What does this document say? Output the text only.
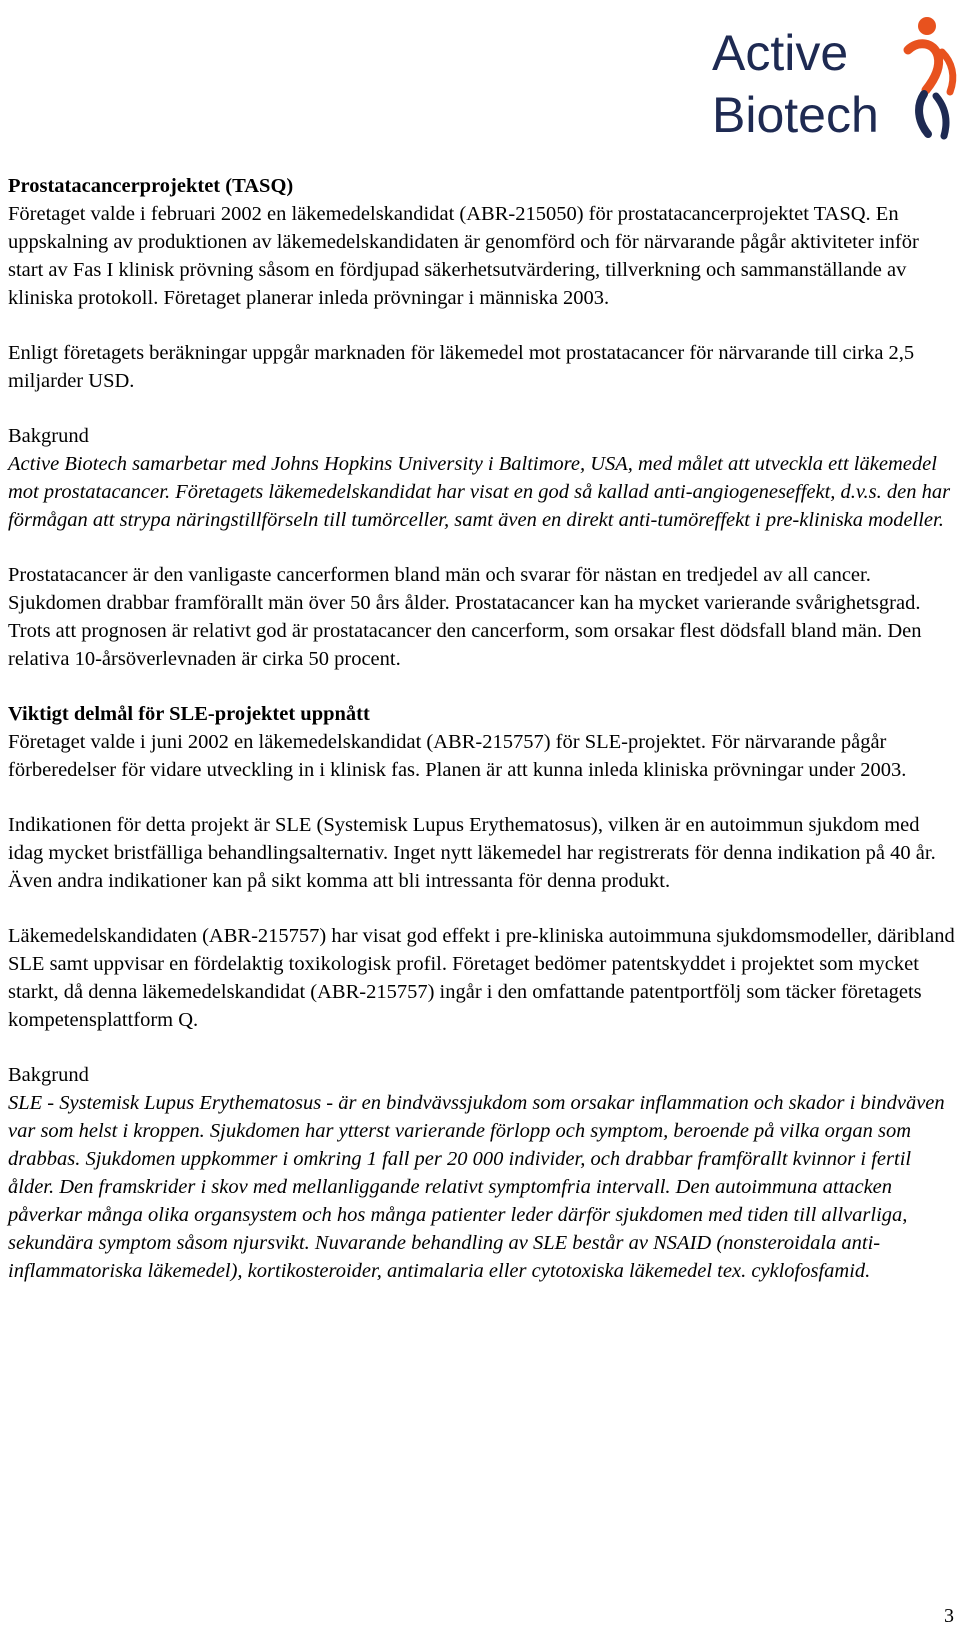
Active
Biotech

Prostatacancerprojektet (TASQ)
Företaget valde i februari 2002 en läkemedelskandidat (ABR-215050) för prostatacancerprojektet TASQ. En uppskalning av produktionen av läkemedelskandidaten är genomförd och för närvarande pågår aktiviteter inför start av Fas I klinisk prövning såsom en fördjupad säkerhetsutvärdering, tillverkning och sammanställande av kliniska protokoll. Företaget planerar inleda prövningar i människa 2003.

Enligt företagets beräkningar uppgår marknaden för läkemedel mot prostatacancer för närvarande till cirka 2,5 miljarder USD.

Bakgrund
Active Biotech samarbetar med Johns Hopkins University i Baltimore, USA, med målet att utveckla ett läkemedel mot prostatacancer. Företagets läkemedelskandidat har visat en god så kallad anti-angiogeneseffekt, d.v.s. den har förmågan att strypa näringstillförseln till tumörceller, samt även en direkt anti-tumöreffekt i pre-kliniska modeller.

Prostatacancer är den vanligaste cancerformen bland män och svarar för nästan en tredjedel av all cancer. Sjukdomen drabbar framförallt män över 50 års ålder. Prostatacancer kan ha mycket varierande svårighetsgrad. Trots att prognosen är relativt god är prostatacancer den cancerform, som orsakar flest dödsfall bland män. Den relativa 10-årsöverlevnaden är cirka 50 procent.

Viktigt delmål för SLE-projektet uppnått
Företaget valde i juni 2002 en läkemedelskandidat (ABR-215757) för SLE-projektet. För närvarande pågår förberedelser för vidare utveckling in i klinisk fas. Planen är att kunna inleda kliniska prövningar under 2003.

Indikationen för detta projekt är SLE (Systemisk Lupus Erythematosus), vilken är en autoimmun sjukdom med idag mycket bristfälliga behandlingsalternativ. Inget nytt läkemedel har registrerats för denna indikation på 40 år. Även andra indikationer kan på sikt komma att bli intressanta för denna produkt.

Läkemedelskandidaten (ABR-215757) har visat god effekt i pre-kliniska autoimmuna sjukdomsmodeller, däribland SLE samt uppvisar en fördelaktig toxikologisk profil. Företaget bedömer patentskyddet i projektet som mycket starkt, då denna läkemedelskandidat (ABR-215757) ingår i den omfattande patentportfölj som täcker företagets kompetensplattform Q.

Bakgrund
SLE - Systemisk Lupus Erythematosus - är en bindvävssjukdom som orsakar inflammation och skador i bindväven var som helst i kroppen. Sjukdomen har ytterst varierande förlopp och symptom, beroende på vilka organ som drabbas. Sjukdomen uppkommer i omkring 1 fall per 20 000 individer, och drabbar framförallt kvinnor i fertil ålder. Den framskrider i skov med mellanliggande relativt symptomfria intervall. Den autoimmuna attacken påverkar många olika organsystem och hos många patienter leder därför sjukdomen med tiden till allvarliga, sekundära symptom såsom njursvikt. Nuvarande behandling av SLE består av NSAID (nonsteroidala anti-inflammatoriska läkemedel), kortikosteroider, antimalaria eller cytotoxiska läkemedel tex. cyklofosfamid.

3
